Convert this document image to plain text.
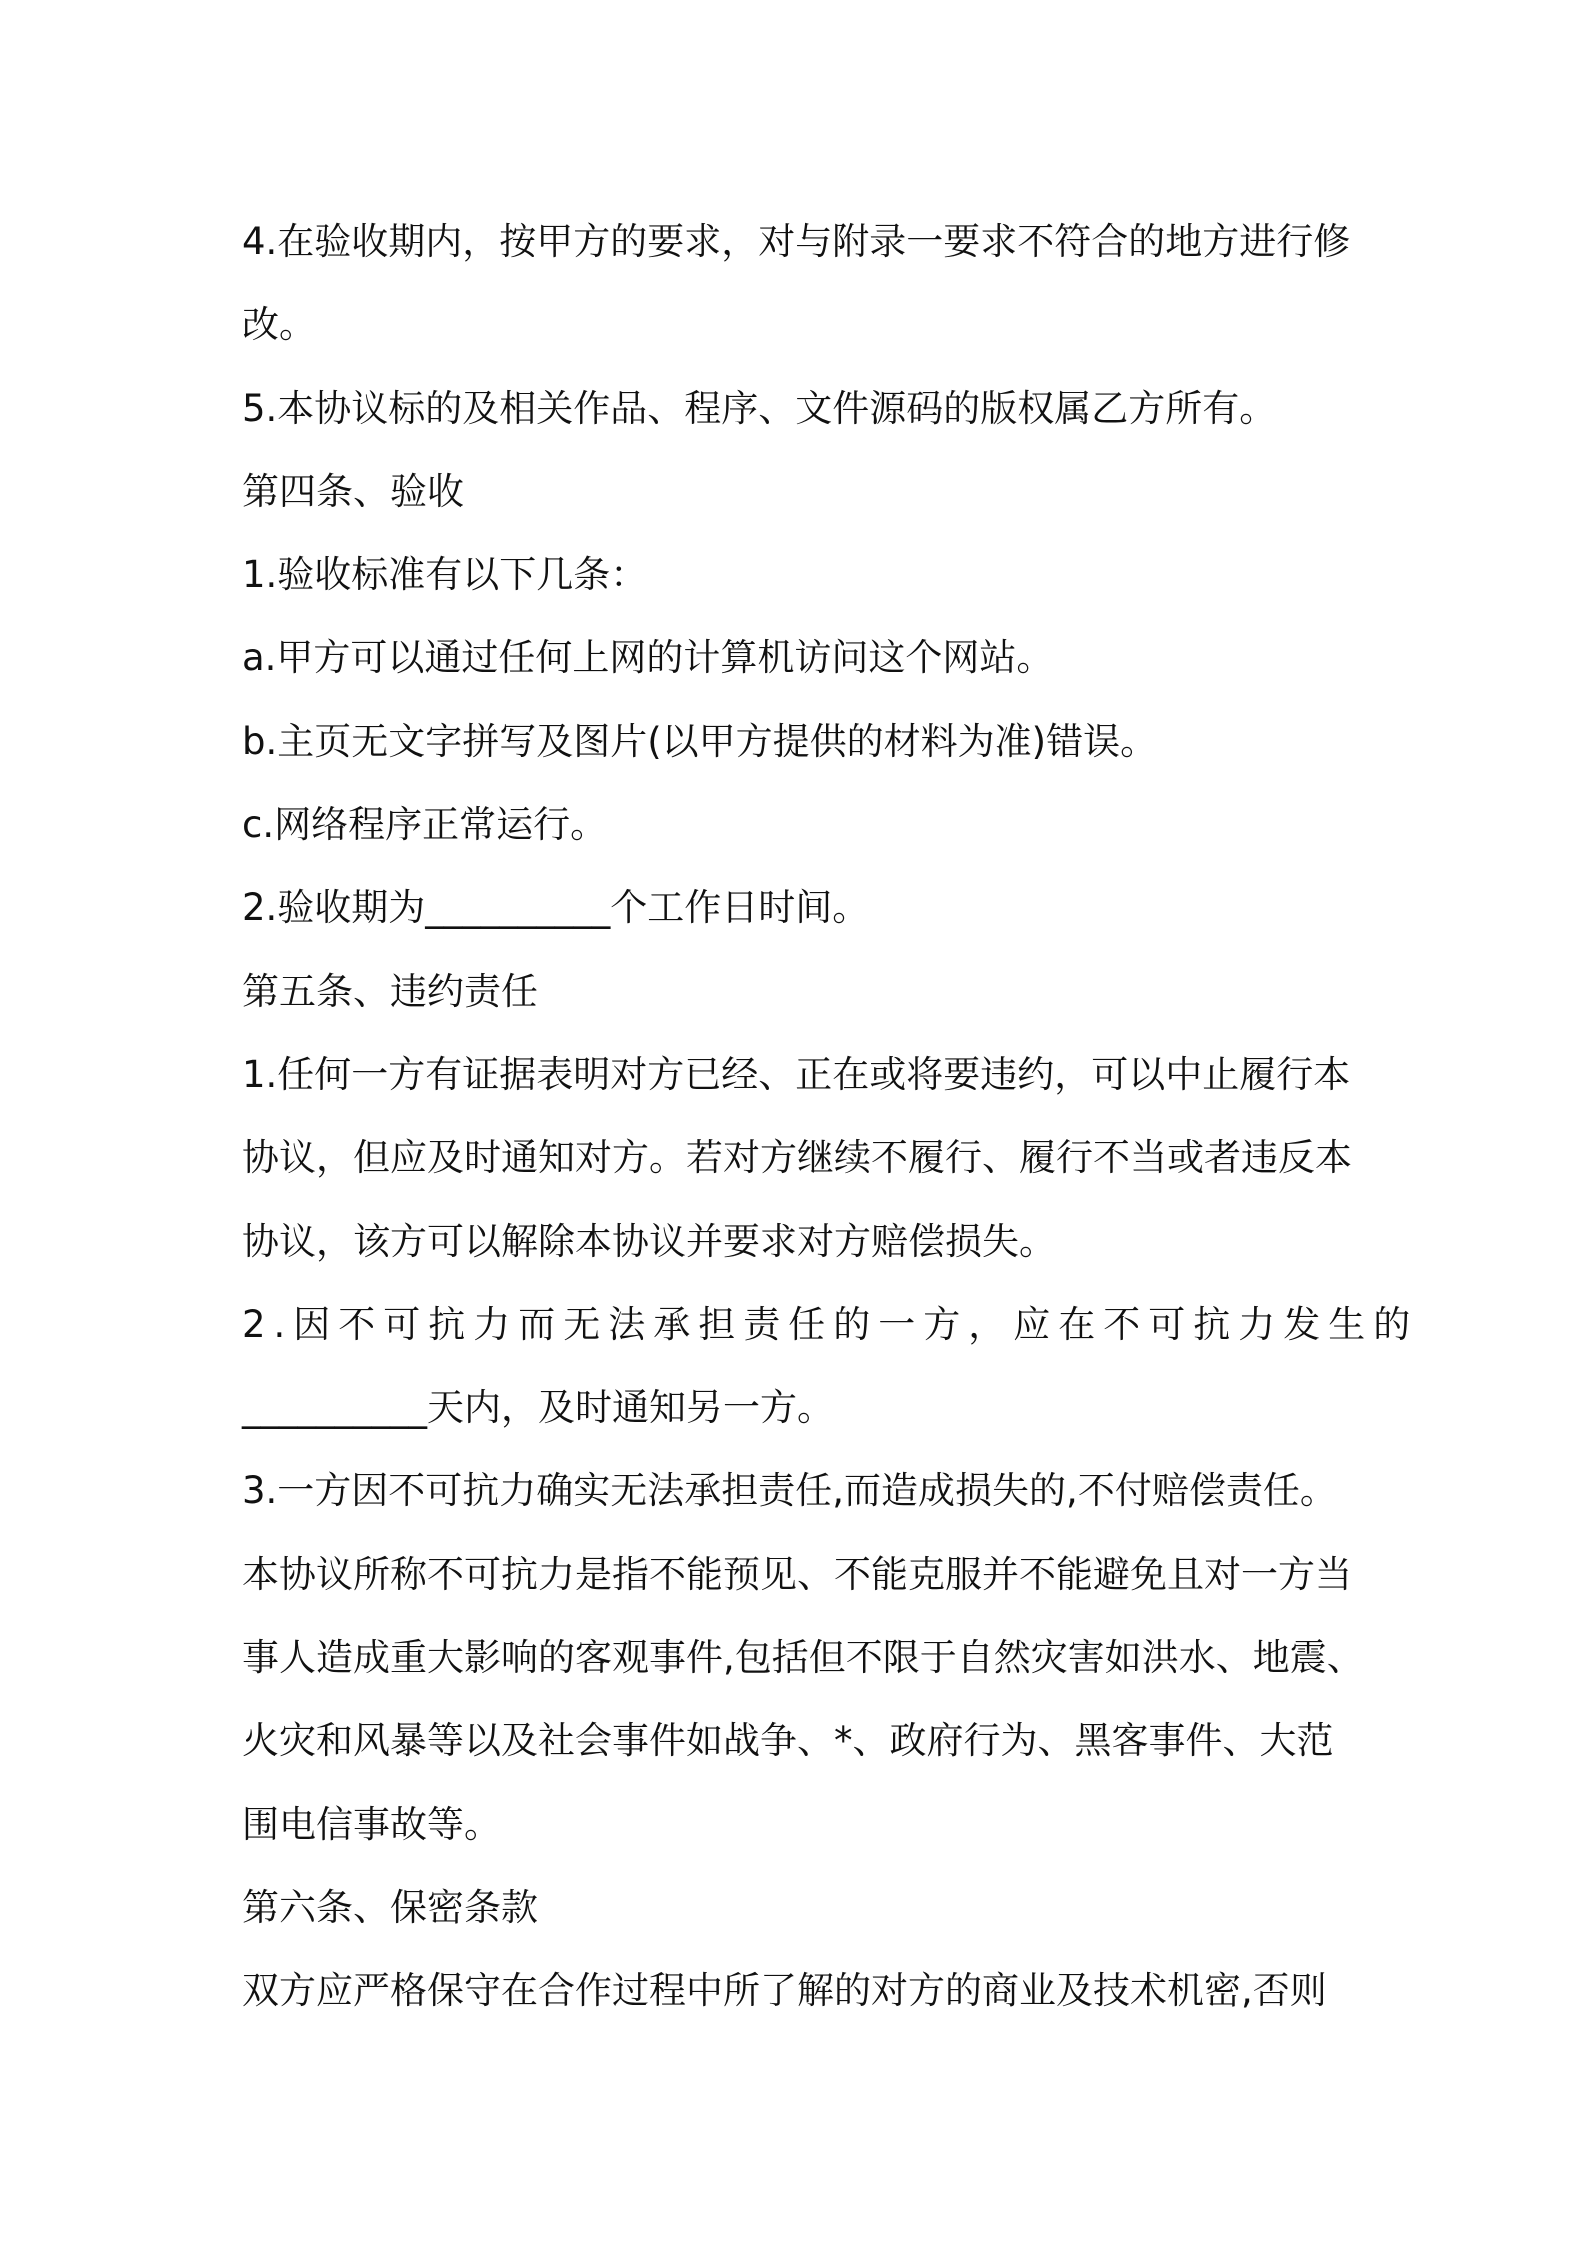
4.在验收期内，按甲方的要求，对与附录一要求不符合的地方进行修
改。
5.本协议标的及相关作品、程序、文件源码的版权属乙方所有。
第四条、验收
1.验收标准有以下几条：
a.甲方可以通过任何上网的计算机访问这个网站。
b.主页无文字拼写及图片(以甲方提供的材料为准)错误。
c.网络程序正常运行。
2.验收期为__________个工作日时间。
第五条、违约责任
1.任何一方有证据表明对方已经、正在或将要违约，可以中止履行本
协议，但应及时通知对方。若对方继续不履行、履行不当或者违反本
协议，该方可以解除本协议并要求对方赔偿损失。
2.因不可抗力而无法承担责任的一方，应在不可抗力发生的
__________天内，及时通知另一方。
3.一方因不可抗力确实无法承担责任,而造成损失的,不付赔偿责任。
本协议所称不可抗力是指不能预见、不能克服并不能避免且对一方当
事人造成重大影响的客观事件,包括但不限于自然灾害如洪水、地震、
火灾和风暴等以及社会事件如战争、*、政府行为、黑客事件、大范
围电信事故等。
第六条、保密条款
双方应严格保守在合作过程中所了解的对方的商业及技术机密,否则
